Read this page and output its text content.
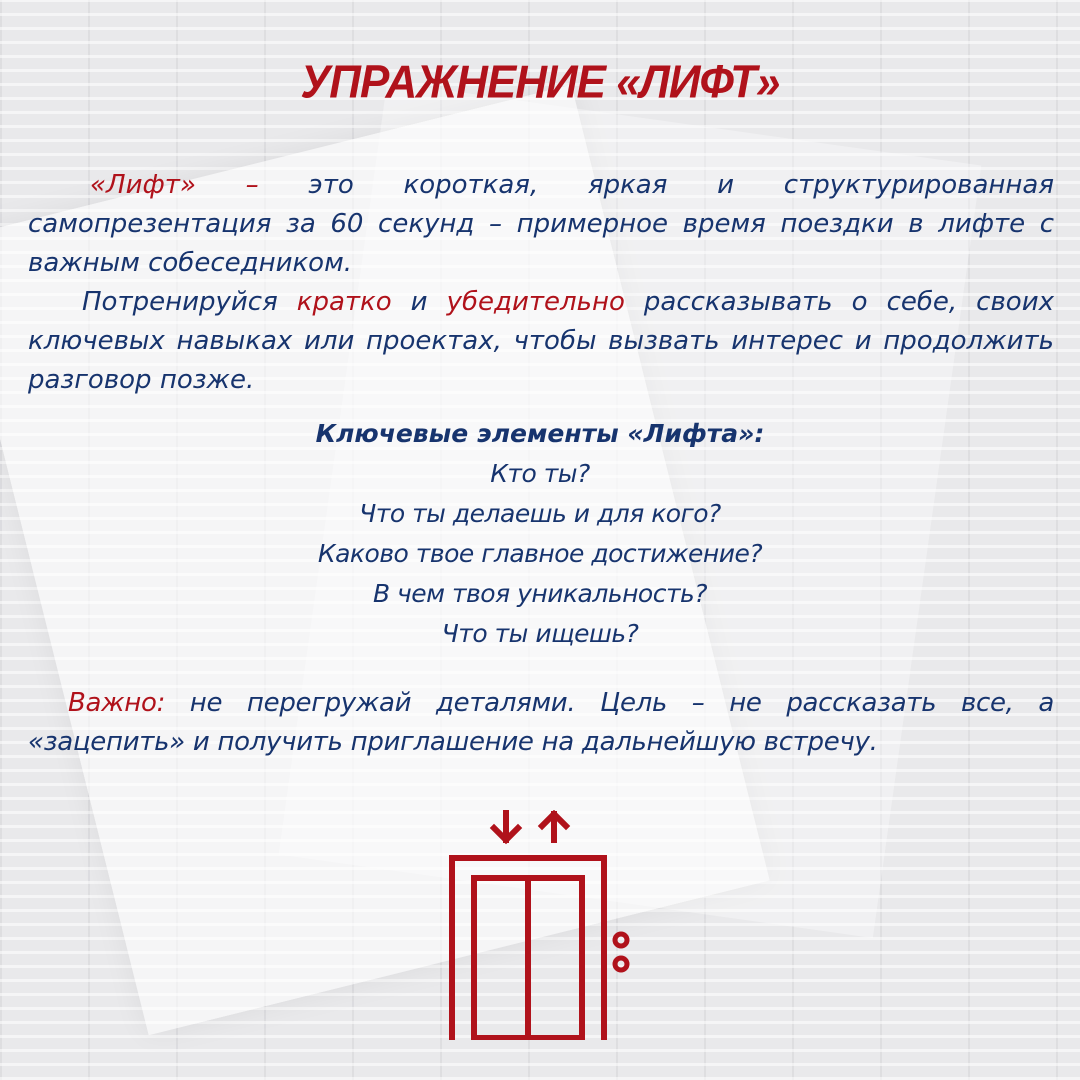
УПРАЖНЕНИЕ «ЛИФТ»
«Лифт» – это короткая, яркая и структурированная самопрезентация за 60 секунд – примерное время поездки в лифте с важным собеседником.
Потренируйся кратко и убедительно рассказывать о себе, своих ключевых навыках или проектах, чтобы вызвать интерес и продолжить разговор позже.
Ключевые элементы «Лифта»:
Кто ты?
Что ты делаешь и для кого?
Каково твое главное достижение?
В чем твоя уникальность?
Что ты ищешь?
Важно: не перегружай деталями. Цель – не рассказать все, а «зацепить» и получить приглашение на дальнейшую встречу.
